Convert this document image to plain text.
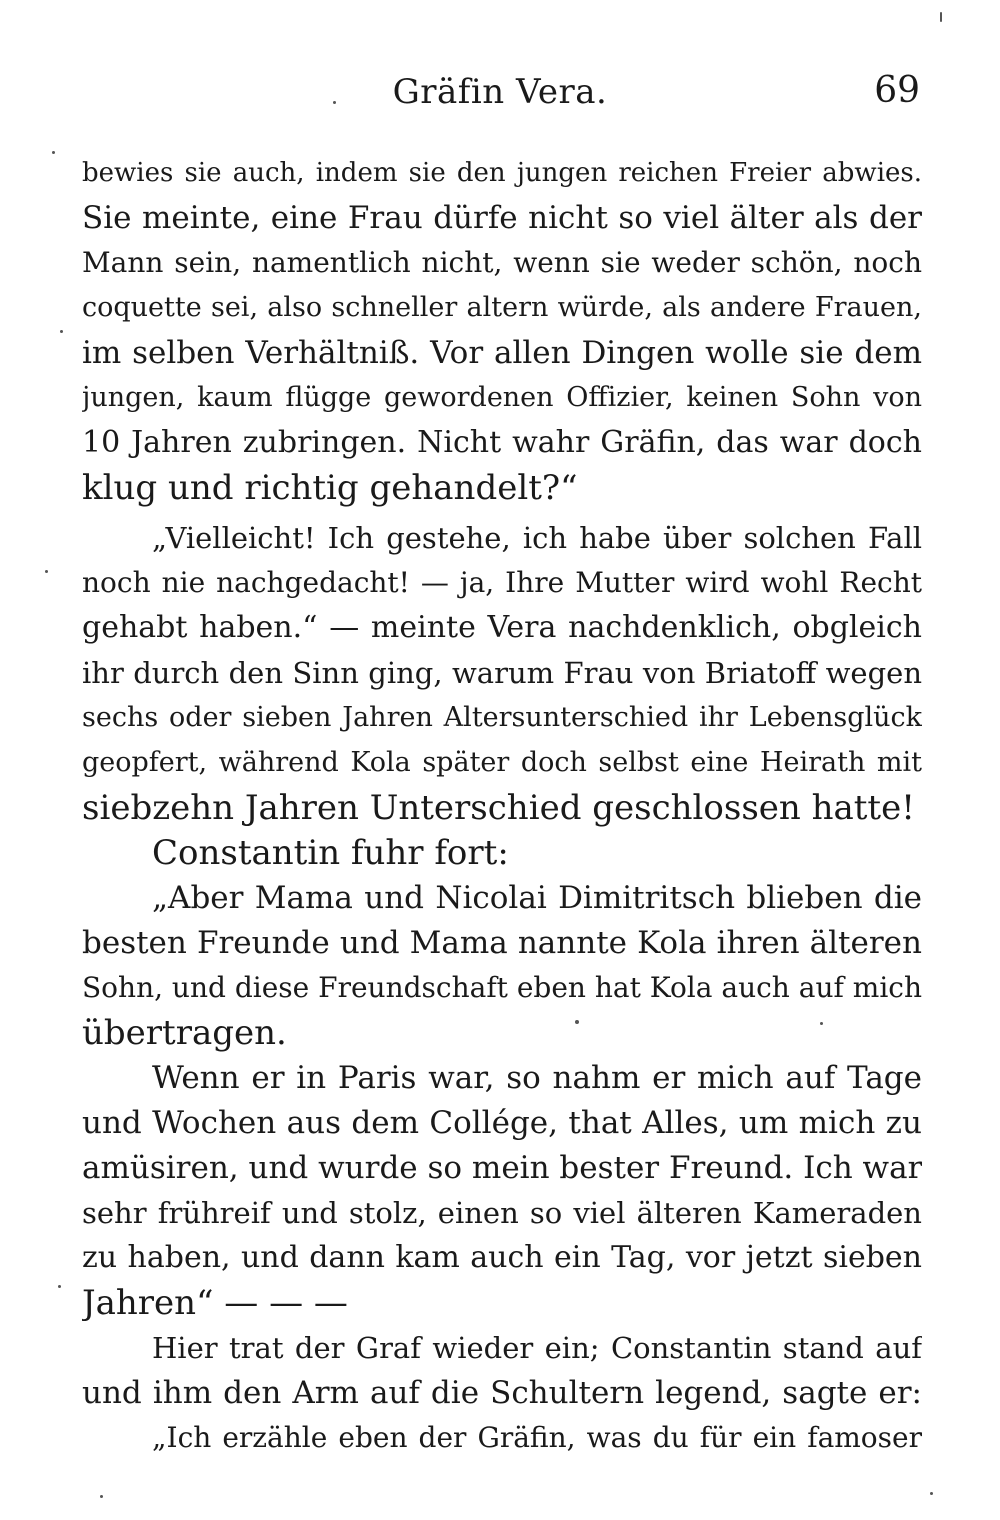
Gräfin Vera.	69
bewies sie auch, indem sie den jungen reichen Freier abwies.
Sie meinte, eine Frau dürfe nicht so viel älter als der
Mann sein, namentlich nicht, wenn sie weder schön, noch
coquette sei, also schneller altern würde, als andere Frauen,
im selben Verhältniß. Vor allen Dingen wolle sie dem
jungen, kaum flügge gewordenen Offizier, keinen Sohn von
10 Jahren zubringen. Nicht wahr Gräfin, das war doch
klug und richtig gehandelt?“
„Vielleicht! Ich gestehe, ich habe über solchen Fall
noch nie nachgedacht! — ja, Ihre Mutter wird wohl Recht
gehabt haben.“ — meinte Vera nachdenklich, obgleich
ihr durch den Sinn ging, warum Frau von Briatoff wegen
sechs oder sieben Jahren Altersunterschied ihr Lebensglück
geopfert, während Kola später doch selbst eine Heirath mit
siebzehn Jahren Unterschied geschlossen hatte!
Constantin fuhr fort:
„Aber Mama und Nicolai Dimitritsch blieben die
besten Freunde und Mama nannte Kola ihren älteren
Sohn, und diese Freundschaft eben hat Kola auch auf mich
übertragen.
Wenn er in Paris war, so nahm er mich auf Tage
und Wochen aus dem Collége, that Alles, um mich zu
amüsiren, und wurde so mein bester Freund. Ich war
sehr frühreif und stolz, einen so viel älteren Kameraden
zu haben, und dann kam auch ein Tag, vor jetzt sieben
Jahren“ — — —
Hier trat der Graf wieder ein; Constantin stand auf
und ihm den Arm auf die Schultern legend, sagte er:
„Ich erzähle eben der Gräfin, was du für ein famoser
